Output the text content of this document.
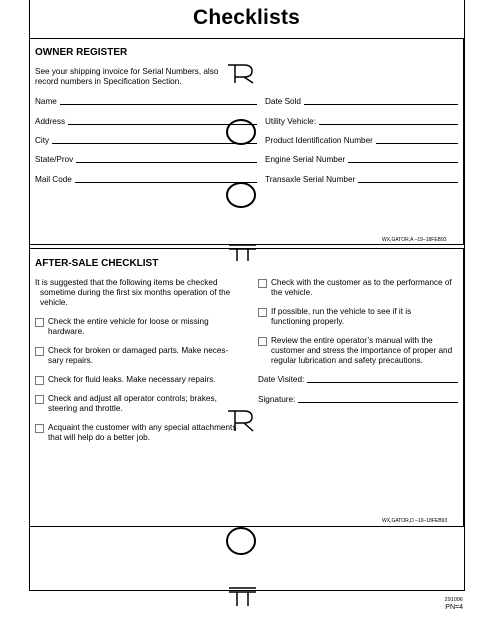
Checklists
OWNER REGISTER
See your shipping invoice for Serial Numbers, also
record numbers in Specification Section.
Name
Address
City
State/Prov
Mail Code
Date Sold
Utility Vehicle:
Product Identification Number
Engine Serial Number
Transaxle Serial Number
WX,GATOR,A –19–18FEB93
AFTER-SALE CHECKLIST
It is suggested that the following items be checked
sometime during the first six months operation of the
vehicle.
Check the entire vehicle for loose or missing
hardware.
Check for broken or damaged parts. Make neces-
sary repairs.
Check for fluid leaks. Make necessary repairs.
Check and adjust all operator controls; brakes,
steering and throttle.
Acquaint the customer with any special attachments
that will help do a better job.
Check with the customer as to the performance of
the vehicle.
If possible, run the vehicle to see if it is
functioning properly.
Review the entire operator’s manual with the
customer and stress the importance of proper and
regular lubrication and safety precautions.
Date Visited:
Signature:
WX,GATOR,D –19–18FEB93
291096
PN=4
